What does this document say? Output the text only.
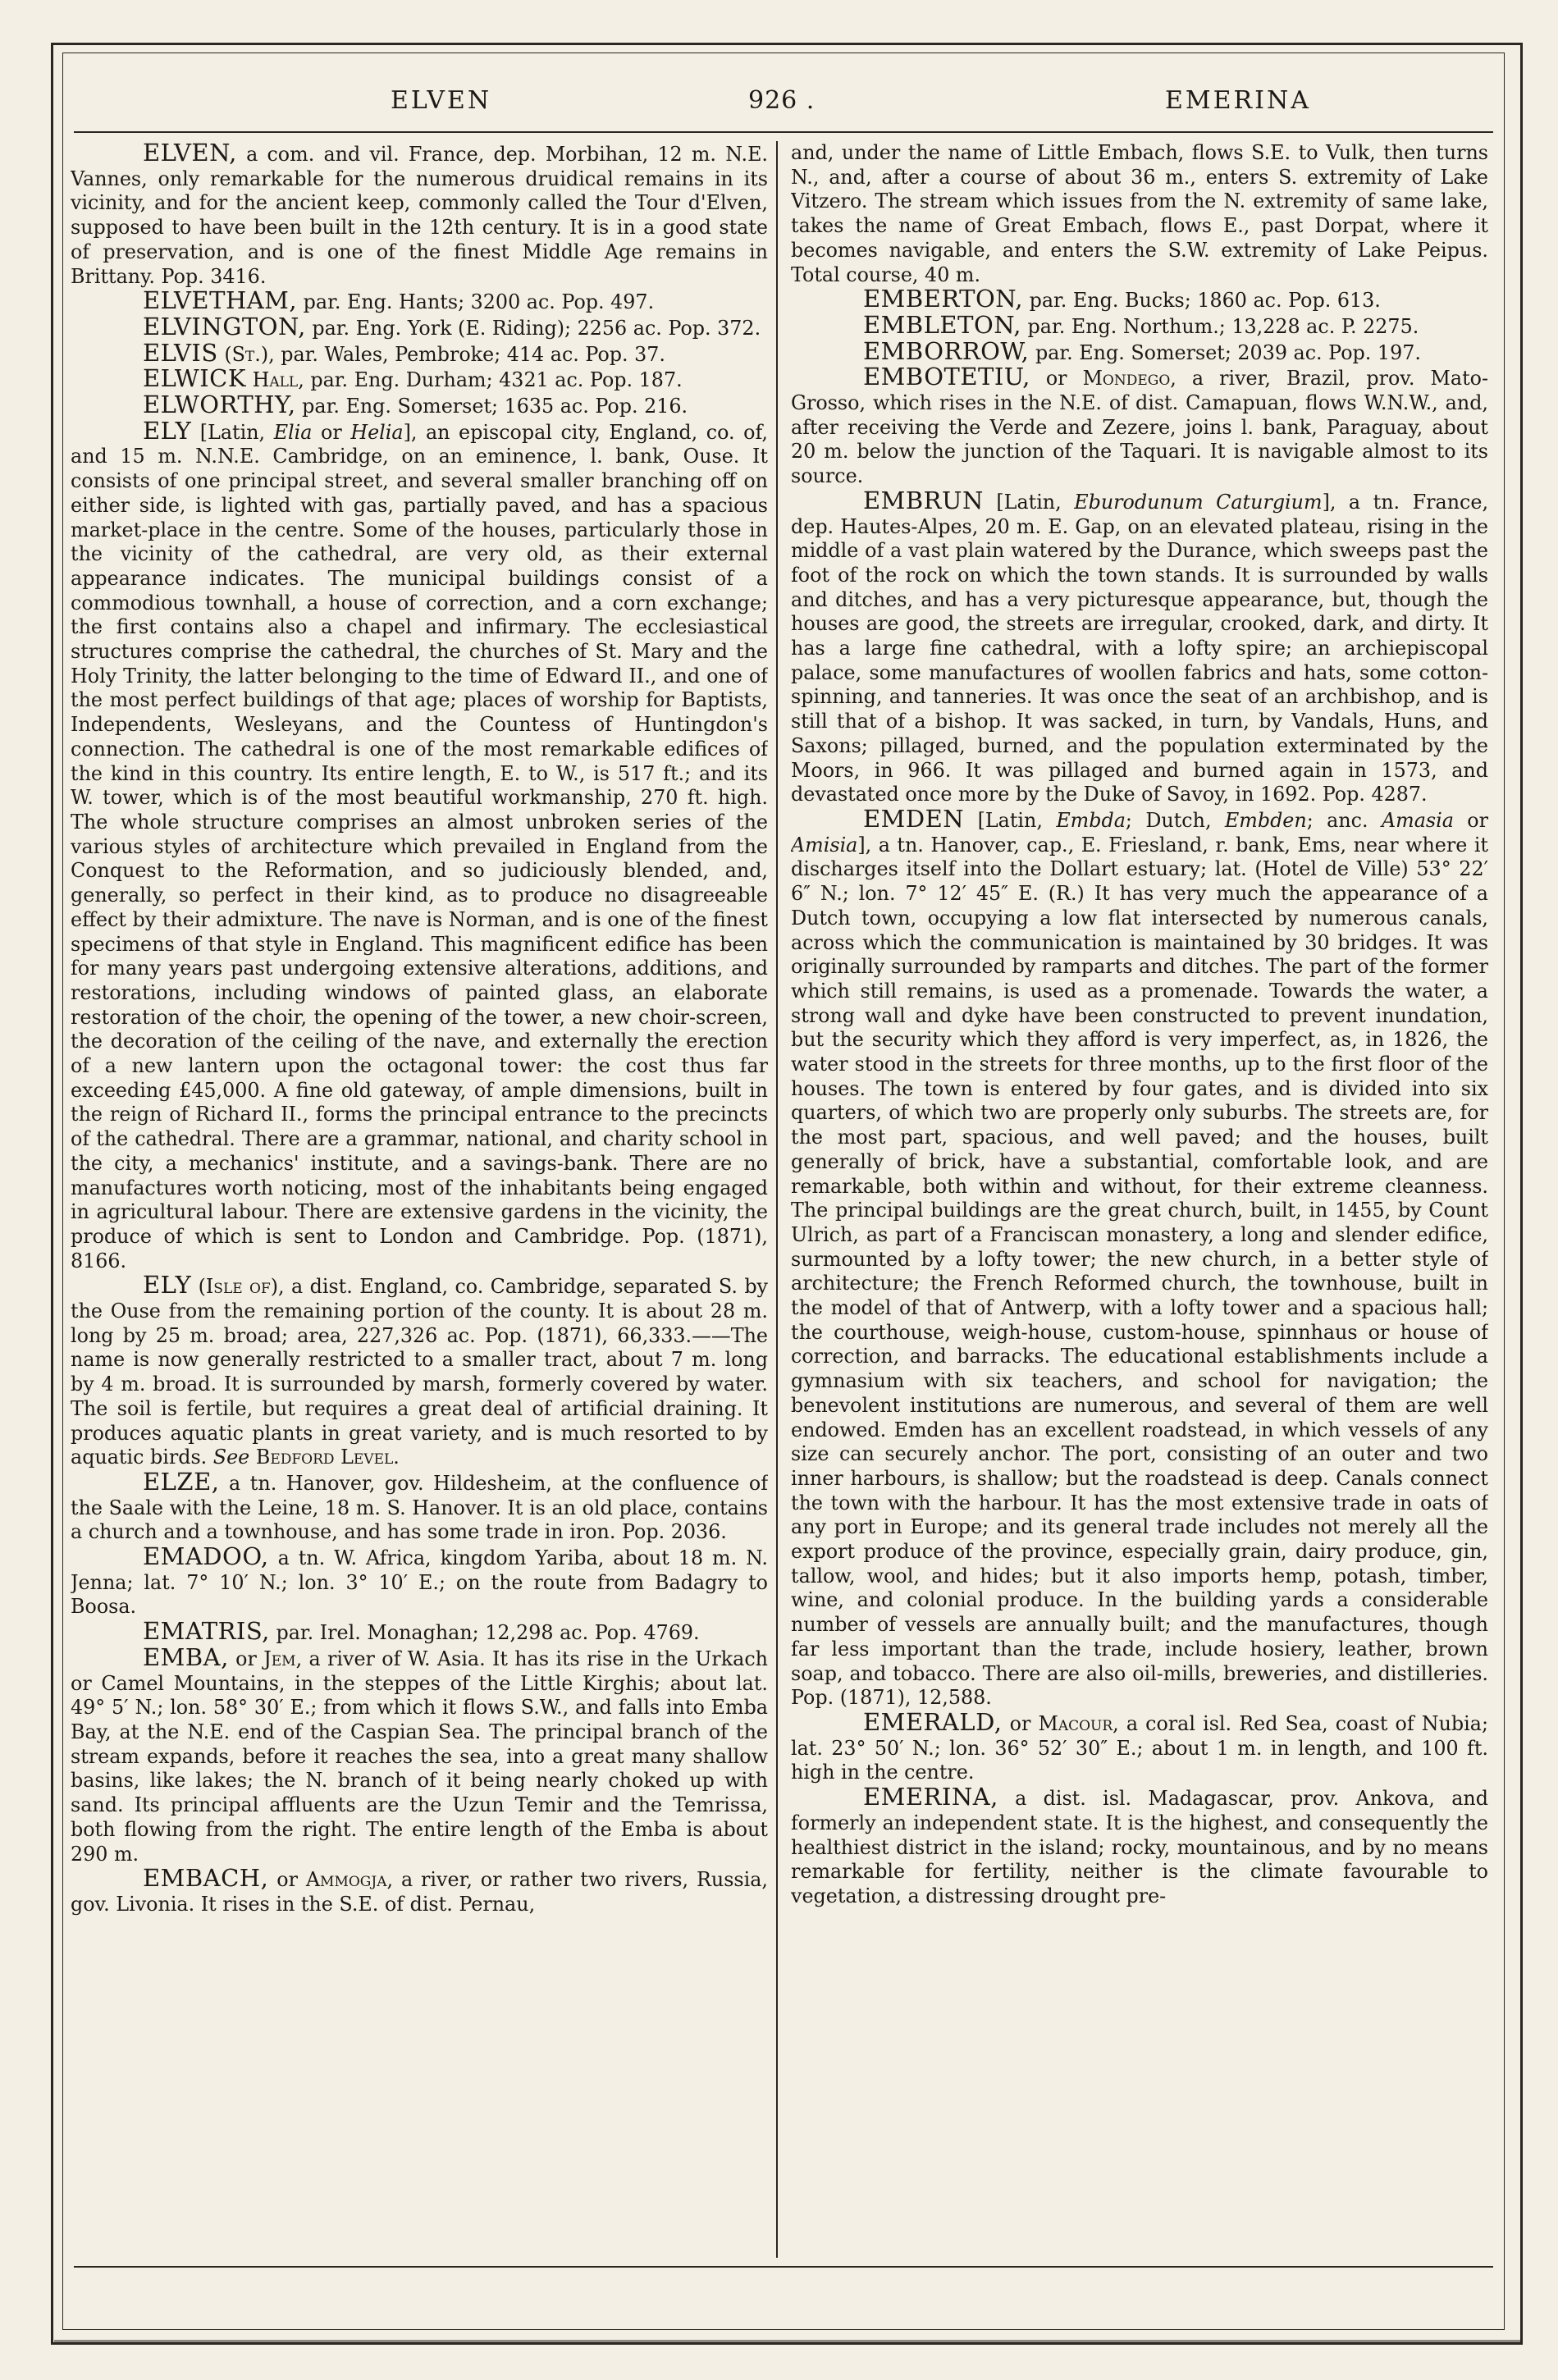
ELVEN	926 .	EMERINA

ELVEN, a com. and vil. France, dep. Morbihan, 12 m. N.E. Vannes, only remarkable for the numerous druidical remains in its vicinity, and for the ancient keep, commonly called the Tour d'Elven, supposed to have been built in the 12th century. It is in a good state of preservation, and is one of the finest Middle Age remains in Brittany. Pop. 3416.

ELVETHAM, par. Eng. Hants; 3200 ac. Pop. 497.

ELVINGTON, par. Eng. York (E. Riding); 2256 ac. Pop. 372.

ELVIS (St.), par. Wales, Pembroke; 414 ac. Pop. 37.

ELWICK Hall, par. Eng. Durham; 4321 ac. Pop. 187.

ELWORTHY, par. Eng. Somerset; 1635 ac. Pop. 216.

ELY [Latin, Elia or Helia], an episcopal city, England, co. of, and 15 m. N.N.E. Cambridge, on an eminence, l. bank, Ouse. It consists of one principal street, and several smaller branching off on either side, is lighted with gas, partially paved, and has a spacious market-place in the centre. Some of the houses, particularly those in the vicinity of the cathedral, are very old, as their external appearance indicates. The municipal buildings consist of a commodious townhall, a house of correction, and a corn exchange; the first contains also a chapel and infirmary. The ecclesiastical structures comprise the cathedral, the churches of St. Mary and the Holy Trinity, the latter belonging to the time of Edward II., and one of the most perfect buildings of that age; places of worship for Baptists, Independents, Wesleyans, and the Countess of Huntingdon's connection. The cathedral is one of the most remarkable edifices of the kind in this country. Its entire length, E. to W., is 517 ft.; and its W. tower, which is of the most beautiful workmanship, 270 ft. high. The whole structure comprises an almost unbroken series of the various styles of architecture which prevailed in England from the Conquest to the Reformation, and so judiciously blended, and, generally, so perfect in their kind, as to produce no disagreeable effect by their admixture. The nave is Norman, and is one of the finest specimens of that style in England. This magnificent edifice has been for many years past undergoing extensive alterations, additions, and restorations, including windows of painted glass, an elaborate restoration of the choir, the opening of the tower, a new choir-screen, the decoration of the ceiling of the nave, and externally the erection of a new lantern upon the octagonal tower: the cost thus far exceeding £45,000. A fine old gateway, of ample dimensions, built in the reign of Richard II., forms the principal entrance to the precincts of the cathedral. There are a grammar, national, and charity school in the city, a mechanics' institute, and a savings-bank. There are no manufactures worth noticing, most of the inhabitants being engaged in agricultural labour. There are extensive gardens in the vicinity, the produce of which is sent to London and Cambridge. Pop. (1871), 8166.

ELY (Isle of), a dist. England, co. Cambridge, separated S. by the Ouse from the remaining portion of the county. It is about 28 m. long by 25 m. broad; area, 227,326 ac. Pop. (1871), 66,333.——The name is now generally restricted to a smaller tract, about 7 m. long by 4 m. broad. It is surrounded by marsh, formerly covered by water. The soil is fertile, but requires a great deal of artificial draining. It produces aquatic plants in great variety, and is much resorted to by aquatic birds. See Bedford Level.

ELZE, a tn. Hanover, gov. Hildesheim, at the confluence of the Saale with the Leine, 18 m. S. Hanover. It is an old place, contains a church and a townhouse, and has some trade in iron. Pop. 2036.

EMADOO, a tn. W. Africa, kingdom Yariba, about 18 m. N. Jenna; lat. 7° 10′ N.; lon. 3° 10′ E.; on the route from Badagry to Boosa.

EMATRIS, par. Irel. Monaghan; 12,298 ac. Pop. 4769.

EMBA, or Jem, a river of W. Asia. It has its rise in the Urkach or Camel Mountains, in the steppes of the Little Kirghis; about lat. 49° 5′ N.; lon. 58° 30′ E.; from which it flows S.W., and falls into Emba Bay, at the N.E. end of the Caspian Sea. The principal branch of the stream expands, before it reaches the sea, into a great many shallow basins, like lakes; the N. branch of it being nearly choked up with sand. Its principal affluents are the Uzun Temir and the Temrissa, both flowing from the right. The entire length of the Emba is about 290 m.

EMBACH, or Ammogja, a river, or rather two rivers, Russia, gov. Livonia. It rises in the S.E. of dist. Pernau,

and, under the name of Little Embach, flows S.E. to Vulk, then turns N., and, after a course of about 36 m., enters S. extremity of Lake Vitzero. The stream which issues from the N. extremity of same lake, takes the name of Great Embach, flows E., past Dorpat, where it becomes navigable, and enters the S.W. extremity of Lake Peipus. Total course, 40 m.

EMBERTON, par. Eng. Bucks; 1860 ac. Pop. 613.

EMBLETON, par. Eng. Northum.; 13,228 ac. P. 2275.

EMBORROW, par. Eng. Somerset; 2039 ac. Pop. 197.

EMBOTETIU, or Mondego, a river, Brazil, prov. Mato-Grosso, which rises in the N.E. of dist. Camapuan, flows W.N.W., and, after receiving the Verde and Zezere, joins l. bank, Paraguay, about 20 m. below the junction of the Taquari. It is navigable almost to its source.

EMBRUN [Latin, Eburodunum Caturgium], a tn. France, dep. Hautes-Alpes, 20 m. E. Gap, on an elevated plateau, rising in the middle of a vast plain watered by the Durance, which sweeps past the foot of the rock on which the town stands. It is surrounded by walls and ditches, and has a very picturesque appearance, but, though the houses are good, the streets are irregular, crooked, dark, and dirty. It has a large fine cathedral, with a lofty spire; an archiepiscopal palace, some manufactures of woollen fabrics and hats, some cotton-spinning, and tanneries. It was once the seat of an archbishop, and is still that of a bishop. It was sacked, in turn, by Vandals, Huns, and Saxons; pillaged, burned, and the population exterminated by the Moors, in 966. It was pillaged and burned again in 1573, and devastated once more by the Duke of Savoy, in 1692. Pop. 4287.

EMDEN [Latin, Embda; Dutch, Embden; anc. Amasia or Amisia], a tn. Hanover, cap., E. Friesland, r. bank, Ems, near where it discharges itself into the Dollart estuary; lat. (Hotel de Ville) 53° 22′ 6″ N.; lon. 7° 12′ 45″ E. (R.) It has very much the appearance of a Dutch town, occupying a low flat intersected by numerous canals, across which the communication is maintained by 30 bridges. It was originally surrounded by ramparts and ditches. The part of the former which still remains, is used as a promenade. Towards the water, a strong wall and dyke have been constructed to prevent inundation, but the security which they afford is very imperfect, as, in 1826, the water stood in the streets for three months, up to the first floor of the houses. The town is entered by four gates, and is divided into six quarters, of which two are properly only suburbs. The streets are, for the most part, spacious, and well paved; and the houses, built generally of brick, have a substantial, comfortable look, and are remarkable, both within and without, for their extreme cleanness. The principal buildings are the great church, built, in 1455, by Count Ulrich, as part of a Franciscan monastery, a long and slender edifice, surmounted by a lofty tower; the new church, in a better style of architecture; the French Reformed church, the townhouse, built in the model of that of Antwerp, with a lofty tower and a spacious hall; the courthouse, weigh-house, custom-house, spinnhaus or house of correction, and barracks. The educational establishments include a gymnasium with six teachers, and school for navigation; the benevolent institutions are numerous, and several of them are well endowed. Emden has an excellent roadstead, in which vessels of any size can securely anchor. The port, consisting of an outer and two inner harbours, is shallow; but the roadstead is deep. Canals connect the town with the harbour. It has the most extensive trade in oats of any port in Europe; and its general trade includes not merely all the export produce of the province, especially grain, dairy produce, gin, tallow, wool, and hides; but it also imports hemp, potash, timber, wine, and colonial produce. In the building yards a considerable number of vessels are annually built; and the manufactures, though far less important than the trade, include hosiery, leather, brown soap, and tobacco. There are also oil-mills, breweries, and distilleries. Pop. (1871), 12,588.

EMERALD, or Macour, a coral isl. Red Sea, coast of Nubia; lat. 23° 50′ N.; lon. 36° 52′ 30″ E.; about 1 m. in length, and 100 ft. high in the centre.

EMERINA, a dist. isl. Madagascar, prov. Ankova, and formerly an independent state. It is the highest, and consequently the healthiest district in the island; rocky, mountainous, and by no means remarkable for fertility, neither is the climate favourable to vegetation, a distressing drought pre-
